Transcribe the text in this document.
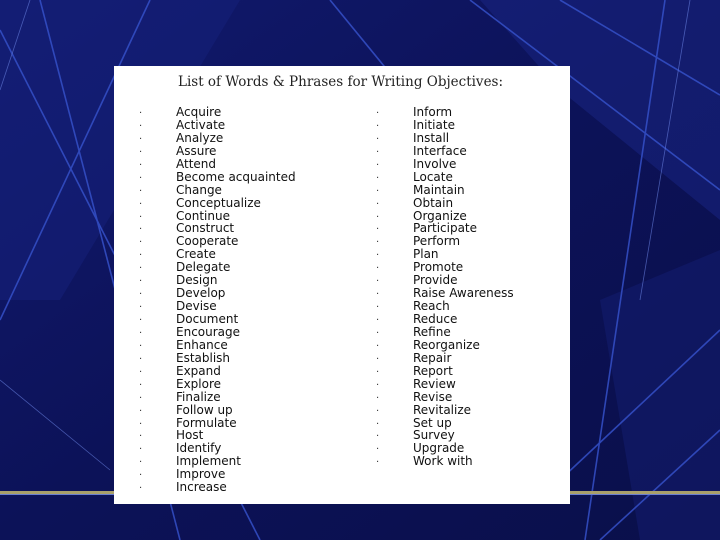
List of Words & Phrases for Writing Objectives:
·	Acquire
·	Activate
·	Analyze
·	Assure
·	Attend
·	Become acquainted
·	Change
·	Conceptualize
·	Continue
·	Construct
·	Cooperate
·	Create
·	Delegate
·	Design
·	Develop
·	Devise
·	Document
·	Encourage
·	Enhance
·	Establish
·	Expand
·	Explore
·	Finalize
·	Follow up
·	Formulate
·	Host
·	Identify
·	Implement
·	Improve
·	Increase
·	Inform
·	Initiate
·	Install
·	Interface
·	Involve
·	Locate
·	Maintain
·	Obtain
·	Organize
·	Participate
·	Perform
·	Plan
·	Promote
·	Provide
·	Raise Awareness
·	Reach
·	Reduce
·	Refine
·	Reorganize
·	Repair
·	Report
·	Review
·	Revise
·	Revitalize
·	Set up
·	Survey
·	Upgrade
·	Work with
